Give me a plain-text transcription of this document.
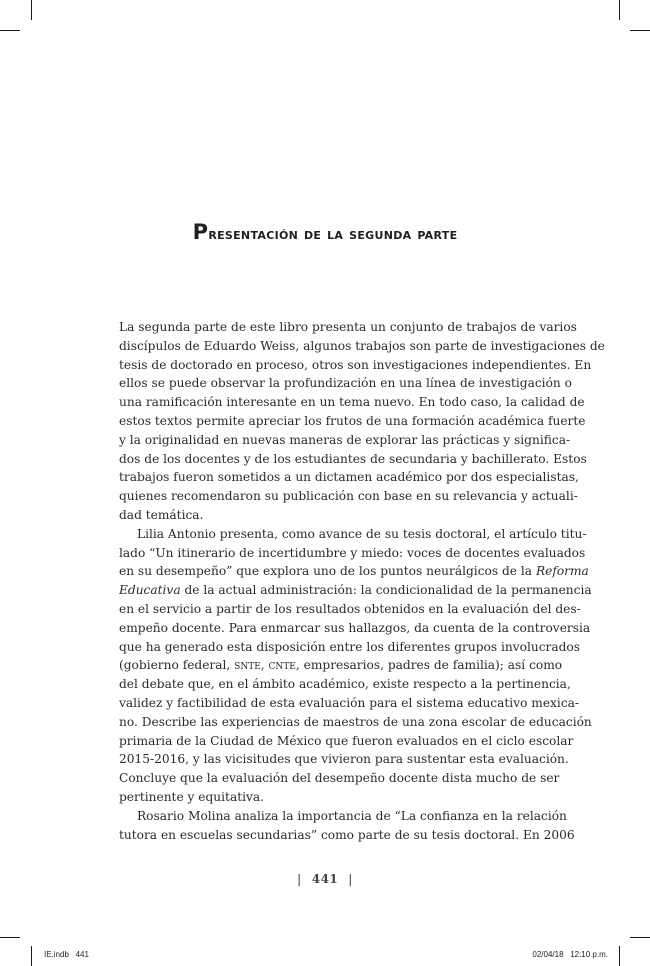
Presentación de la segunda parte
La segunda parte de este libro presenta un conjunto de trabajos de varios
discípulos de Eduardo Weiss, algunos trabajos son parte de investigaciones de
tesis de doctorado en proceso, otros son investigaciones independientes. En
ellos se puede observar la profundización en una línea de investigación o
una ramificación interesante en un tema nuevo. En todo caso, la calidad de
estos textos permite apreciar los frutos de una formación académica fuerte
y la originalidad en nuevas maneras de explorar las prácticas y significa-
dos de los docentes y de los estudiantes de secundaria y bachillerato. Estos
trabajos fueron sometidos a un dictamen académico por dos especialistas,
quienes recomendaron su publicación con base en su relevancia y actuali-
dad temática.
Lilia Antonio presenta, como avance de su tesis doctoral, el artículo titu-
lado “Un itinerario de incertidumbre y miedo: voces de docentes evaluados
en su desempeño” que explora uno de los puntos neurálgicos de la Reforma
Educativa de la actual administración: la condicionalidad de la permanencia
en el servicio a partir de los resultados obtenidos en la evaluación del des-
empeño docente. Para enmarcar sus hallazgos, da cuenta de la controversia
que ha generado esta disposición entre los diferentes grupos involucrados
(gobierno federal, snte, cnte, empresarios, padres de familia); así como
del debate que, en el ámbito académico, existe respecto a la pertinencia,
validez y factibilidad de esta evaluación para el sistema educativo mexica-
no. Describe las experiencias de maestros de una zona escolar de educación
primaria de la Ciudad de México que fueron evaluados en el ciclo escolar
2015-2016, y las vicisitudes que vivieron para sustentar esta evaluación.
Concluye que la evaluación del desempeño docente dista mucho de ser
pertinente y equitativa.
Rosario Molina analiza la importancia de “La confianza en la relación
tutora en escuelas secundarias” como parte de su tesis doctoral. En 2006
| 441 |
IE.indb 441	02/04/18 12:10 p.m.
